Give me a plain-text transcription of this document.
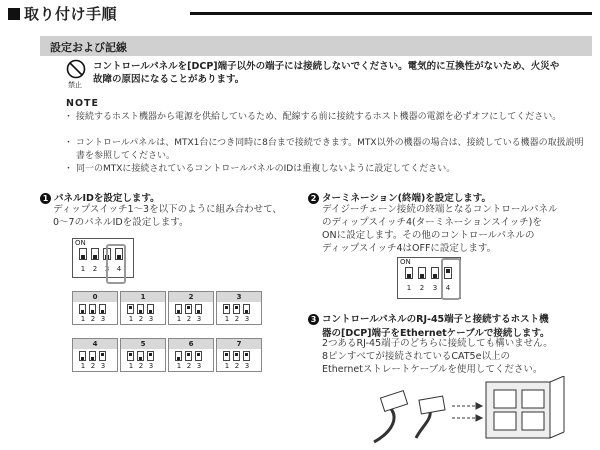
取り付け手順
設定および記線
禁止
コントロールパネルを[DCP]端子以外の端子には接続しないでください。電気的に互換性がないため、火災や故障の原因になることがあります。
NOTE
・ 接続するホスト機器から電源を供給しているため、配線する前に接続するホスト機器の電源を必ずオフにしてください。
・ コントロールパネルは、MTX1台につき同時に8台まで接続できます。MTX以外の機器の場合は、接続している機器の取扱説明書を参照してください。
・ 同一のMTXに接続されているコントロールパネルのIDは重複しないように設定してください。
1 パネルIDを設定します。
ディップスイッチ1～3を以下のように組み合わせて、
0～7のパネルIDを設定します。
ON
1 2 3 4
0
1 2 3
1
1 2 3
2
1 2 3
3
1 2 3
4
1 2 3
5
1 2 3
6
1 2 3
7
1 2 3
2 ターミネーション(終端)を設定します。
デイジーチェーン接続の終端となるコントロールパネル
のディップスイッチ4(ターミネーションスイッチ)を
ONに設定します。その他のコントロールパネルの
ディップスイッチ4はOFFに設定します。
ON
1 2 3 4
3 コントロールパネルのRJ-45端子と接続するホスト機
器の[DCP]端子をEthernetケーブルで接続します。
2つあるRJ-45端子のどちらに接続しても構いません。
8ピンすべてが接続されているCAT5e以上の
Ethernetストレートケーブルを使用してください。
